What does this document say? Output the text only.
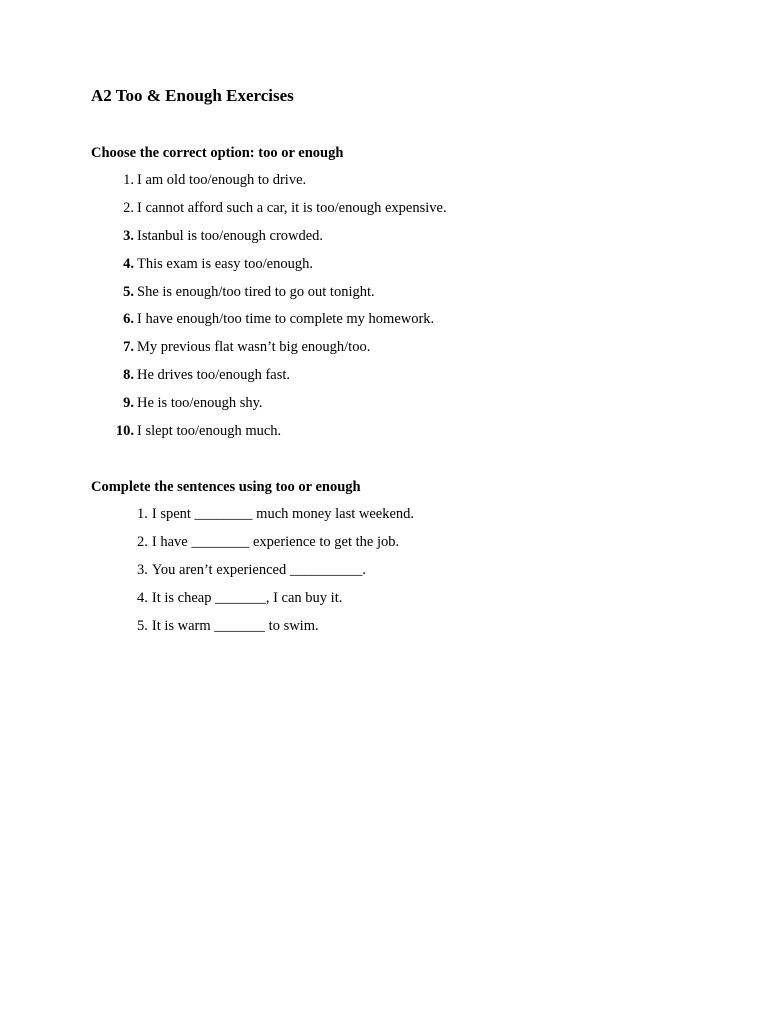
A2 Too & Enough Exercises
Choose the correct option: too or enough
1. I am old too/enough to drive.
2. I cannot afford such a car, it is too/enough expensive.
3. Istanbul is too/enough crowded.
4. This exam is easy too/enough.
5. She is enough/too tired to go out tonight.
6. I have enough/too time to complete my homework.
7. My previous flat wasn’t big enough/too.
8. He drives too/enough fast.
9. He is too/enough shy.
10. I slept too/enough much.
Complete the sentences using too or enough
1. I spent ________ much money last weekend.
2. I have ________ experience to get the job.
3. You aren’t experienced __________.
4. It is cheap _______, I can buy it.
5. It is warm _______ to swim.
